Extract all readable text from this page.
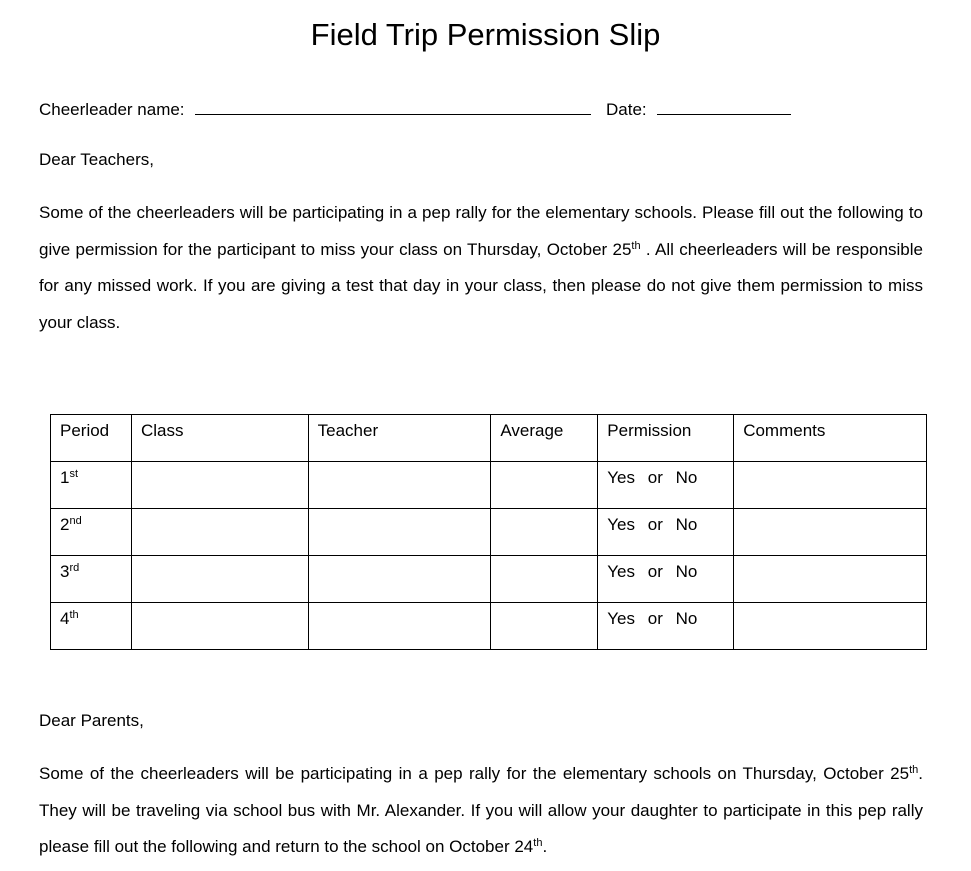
Field Trip Permission Slip
Cheerleader name:	Date:
Dear Teachers,

Some of the cheerleaders will be participating in a pep rally for the elementary schools. Please fill out the following to give permission for the participant to miss your class on Thursday, October 25th . All cheerleaders will be responsible for any missed work. If you are giving a test that day in your class, then please do not give them permission to miss your class.

Period	Class	Teacher	Average	Permission	Comments
1st				Yes or No	
2nd				Yes or No	
3rd				Yes or No	
4th				Yes or No	
Dear Parents,

Some of the cheerleaders will be participating in a pep rally for the elementary schools on Thursday, October 25th. They will be traveling via school bus with Mr. Alexander. If you will allow your daughter to participate in this pep rally please fill out the following and return to the school on October 24th.
